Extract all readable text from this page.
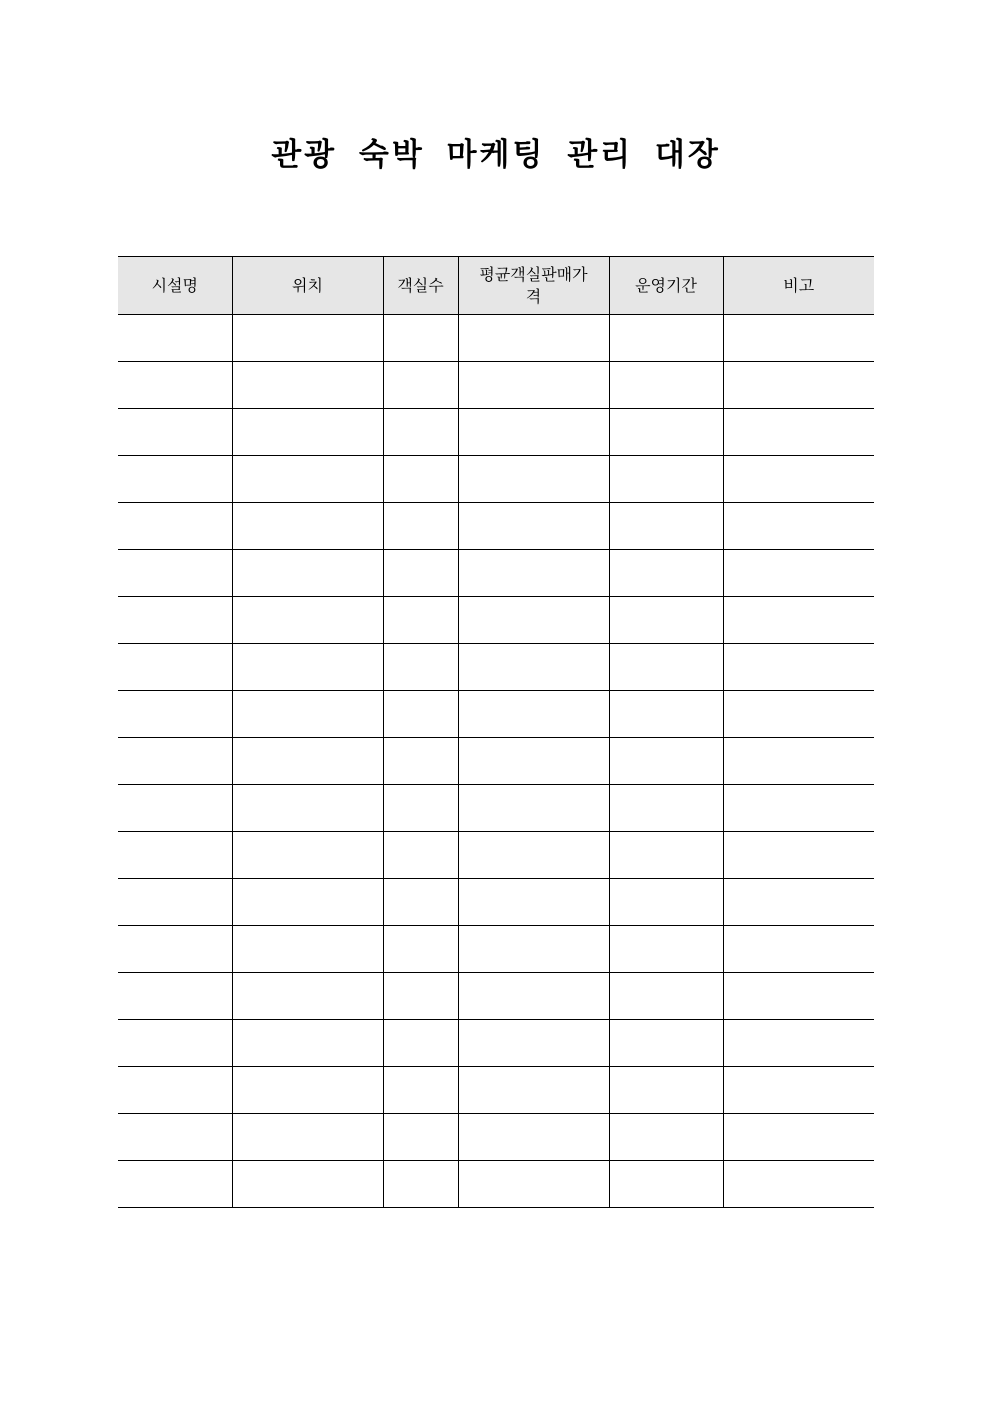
관광 숙박 마케팅 관리 대장
시설명	위치	객실수	평균객실판매가격	운영기간	비고
